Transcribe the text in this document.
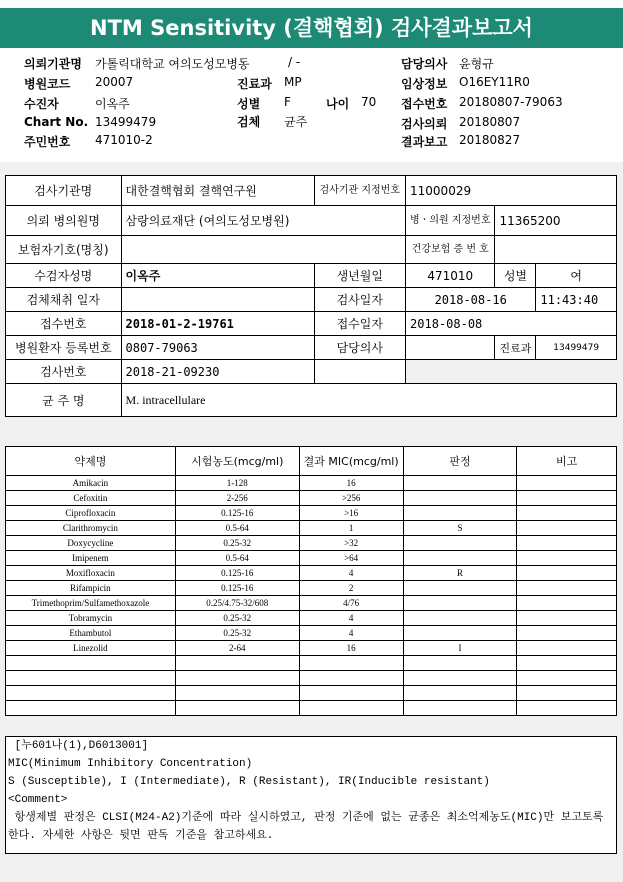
NTM Sensitivity (결핵협회) 검사결과보고서
의뢰기관명 가톨릭대학교 여의도성모병동	/ -	담당의사 윤형규
병원코드 20007	진료과 MP	임상정보 O16EY11R0
수진자	이옥주	성별 F	나이 70 접수번호 20180807-79063
Chart No. 13499479	검체 균주	검사의뢰 20180807
주민번호 471010-2	결과보고 20180827
검사기관명	대한결핵협회 결핵연구원	검사기관 지정번호	11000029		
의뢰 병의원명	삼랑의료재단 (여의도성모병원)		병ㆍ의원 지정번호	11365200	
보험자기호(명칭)			건강보험 증 번 호		
수검자성명	이옥주	생년월일	471010	성별	여
검체채취 일자		검사일자	2018-08-16		11:43:40
접수번호	2018-01-2-19761	접수일자	2018-08-08		
병원환자 등록번호	0807-79063	담당의사		진료과	13499479
검사번호	2018-21-09230				
균 주 명	M. intracellulare				
약제명	시험농도(mcg/ml)	결과 MIC(mcg/ml)	판정	비고
Amikacin	1-128	16		
Cefoxitin	2-256	>256		
Ciprofloxacin	0.125-16	>16		
Clarithromycin	0.5-64	1	S	
Doxycycline	0.25-32	>32		
Imipenem	0.5-64	>64		
Moxifloxacin	0.125-16	4	R	
Rifampicin	0.125-16	2		
Trimethoprim/Sulfamethoxazole	0.25/4.75-32/608	4/76		
Tobramycin	0.25-32	4		
Ethambutol	0.25-32	4		
Linezolid	2-64	16	I	

[누601나(1),D6013001]
MIC(Minimum Inhibitory Concentration)
S (Susceptible), I (Intermediate), R (Resistant), IR(Inducible resistant)
<Comment>
항생제별 판정은 CLSI(M24-A2)기준에 따라 실시하였고, 판정 기준에 없는 균종은 최소억제농도(MIC)만 보고토록 한다. 자세한 사항은 뒷면 판독 기준을 참고하세요.
